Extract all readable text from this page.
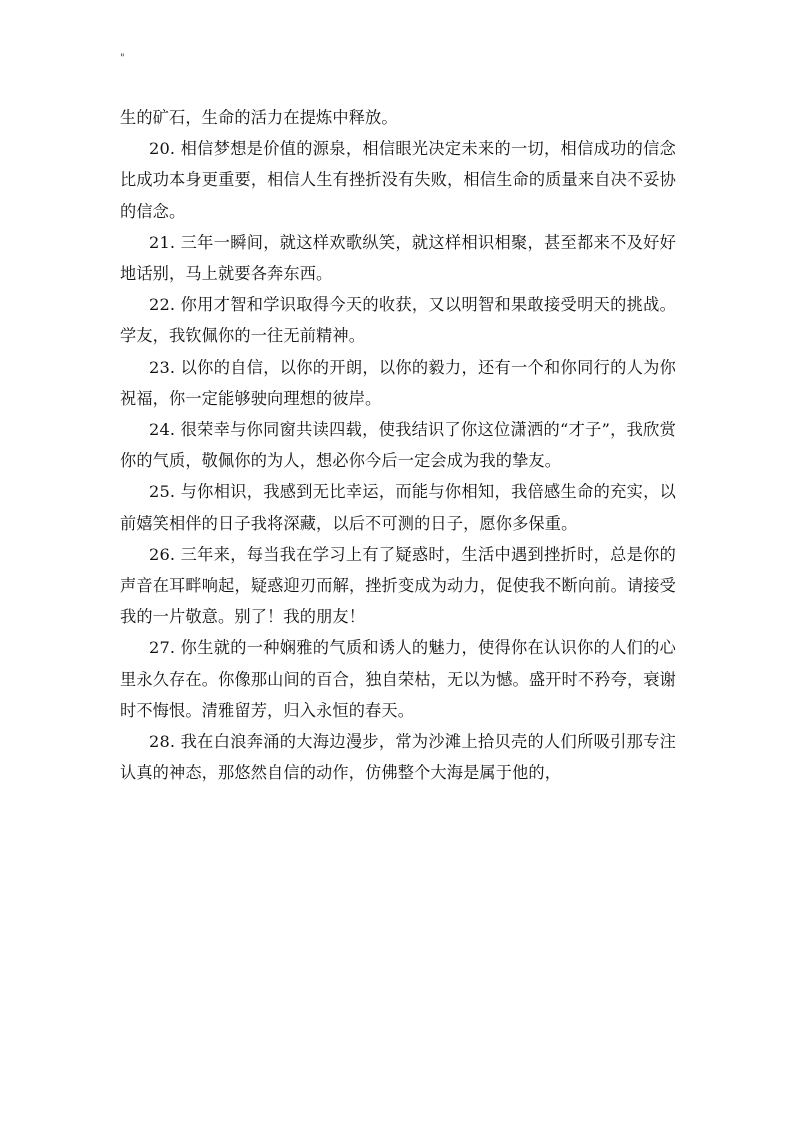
"

生的矿石，生命的活力在提炼中释放。

20. 相信梦想是价值的源泉，相信眼光决定未来的一切，相信成功的信念比成功本身更重要，相信人生有挫折没有失败，相信生命的质量来自决不妥协的信念。

21. 三年一瞬间，就这样欢歌纵笑，就这样相识相聚，甚至都来不及好好地话别，马上就要各奔东西。

22. 你用才智和学识取得今天的收获，又以明智和果敢接受明天的挑战。学友，我钦佩你的一往无前精神。

23. 以你的自信，以你的开朗，以你的毅力，还有一个和你同行的人为你祝福，你一定能够驶向理想的彼岸。

24. 很荣幸与你同窗共读四载，使我结识了你这位潇洒的“才子”，我欣赏你的气质，敬佩你的为人，想必你今后一定会成为我的挚友。

25. 与你相识，我感到无比幸运，而能与你相知，我倍感生命的充实，以前嬉笑相伴的日子我将深藏，以后不可测的日子，愿你多保重。

26. 三年来，每当我在学习上有了疑惑时，生活中遇到挫折时，总是你的声音在耳畔响起，疑惑迎刃而解，挫折变成为动力，促使我不断向前。请接受我的一片敬意。别了！我的朋友！

27. 你生就的一种娴雅的气质和诱人的魅力，使得你在认识你的人们的心里永久存在。你像那山间的百合，独自荣枯，无以为憾。盛开时不矜夸，衰谢时不悔恨。清雅留芳，归入永恒的春天。

28. 我在白浪奔涌的大海边漫步，常为沙滩上拾贝壳的人们所吸引那专注认真的神态，那悠然自信的动作，仿佛整个大海是属于他的，
